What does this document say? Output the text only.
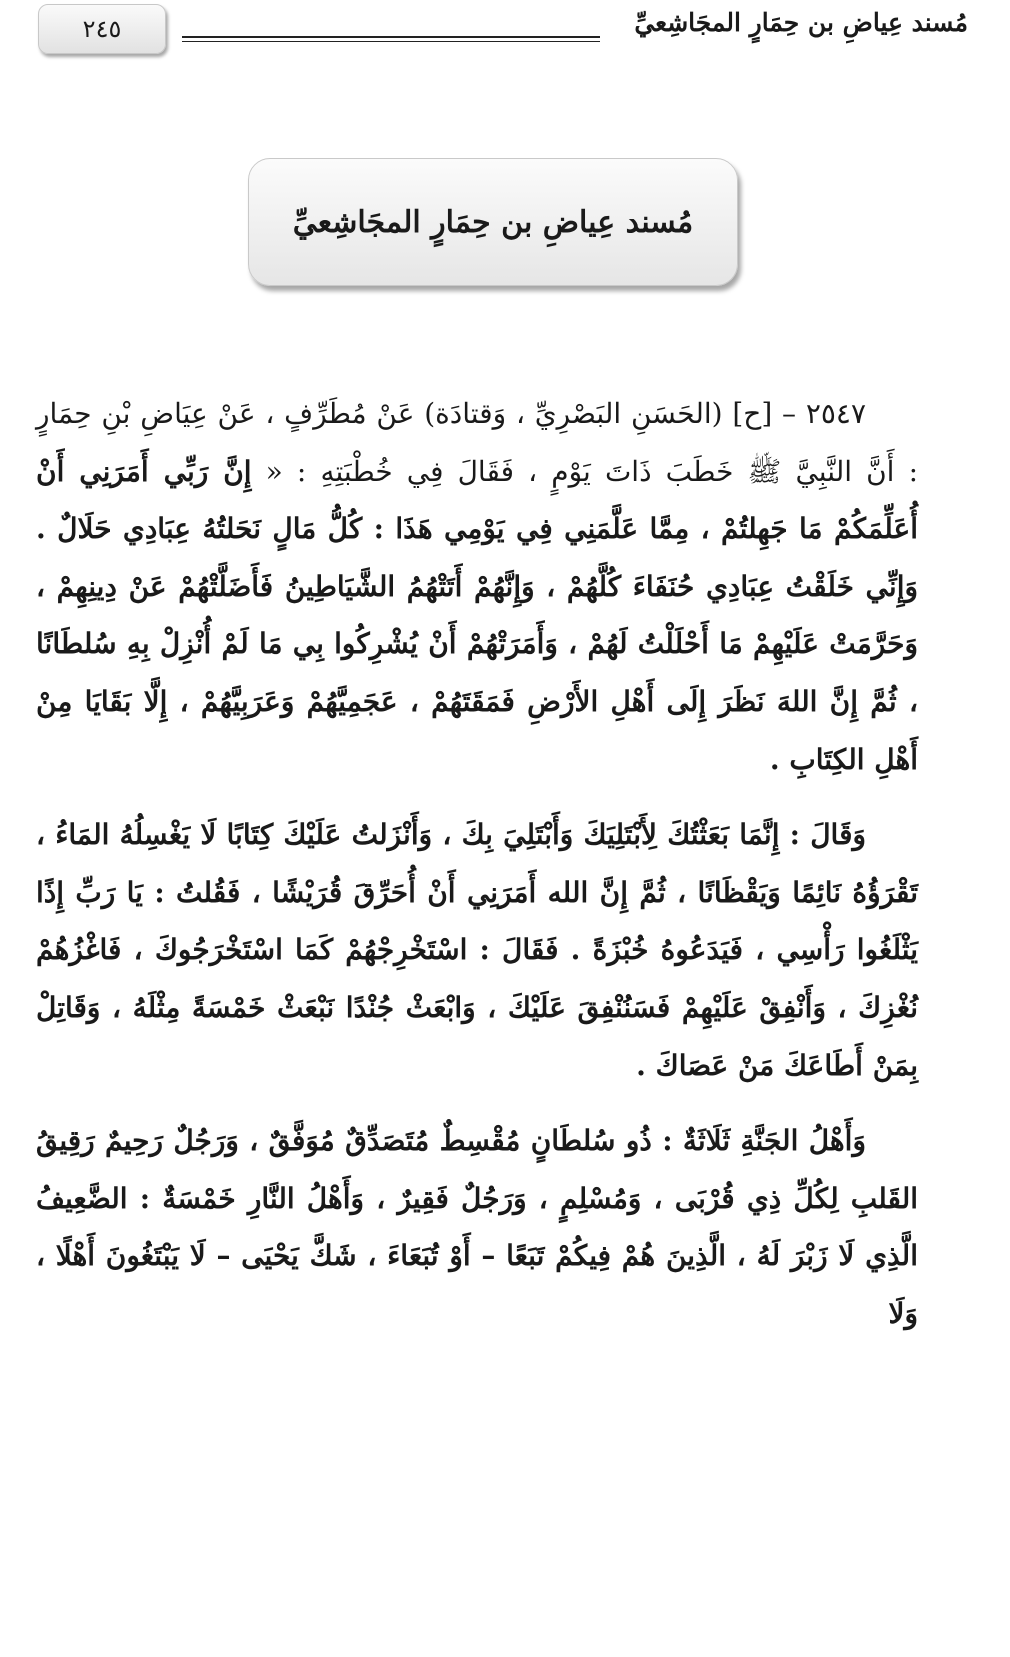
٢٤٥	مُسند عِياضِ بن حِمَارٍ المجَاشِعيِّ
مُسند عِياضِ بن حِمَارٍ المجَاشِعيِّ

٢٥٤٧ – [ح] (الحَسَنِ البَصْرِيِّ ، وَقتادَة) عَنْ مُطَرِّفٍ ، عَنْ عِيَاضِ بْنِ حِمَارٍ : أَنَّ النَّبِيَّ ﷺ خَطَبَ ذَاتَ يَوْمٍ ، فَقَالَ فِي خُطْبَتِهِ : « إِنَّ رَبِّي أَمَرَنِي أَنْ أُعَلِّمَكُمْ مَا جَهِلتُمْ ، مِمَّا عَلَّمَنِي فِي يَوْمِي هَذَا : كُلُّ مَالٍ نَحَلتُهُ عِبَادِي حَلَالٌ . وَإِنِّي خَلَقْتُ عِبَادِي حُنَفَاءَ كُلَّهُمْ ، وَإِنَّهُمْ أَتَتْهُمُ الشَّيَاطِينُ فَأَضَلَّتْهُمْ عَنْ دِينِهِمْ ، وَحَرَّمَتْ عَلَيْهِمْ مَا أَحْلَلْتُ لَهُمْ ، وَأَمَرَتْهُمْ أَنْ يُشْرِكُوا بِي مَا لَمْ أُنْزِلْ بِهِ سُلطَانًا ، ثُمَّ إِنَّ اللهَ نَظَرَ إِلَى أَهْلِ الأَرْضِ فَمَقَتَهُمْ ، عَجَمِيَّهُمْ وَعَرَبِيَّهُمْ ، إِلَّا بَقَايَا مِنْ أَهْلِ الكِتَابِ .

وَقَالَ : إِنَّمَا بَعَثْتُكَ لِأَبْتَلِيَكَ وَأَبْتَلِيَ بِكَ ، وَأَنْزَلتُ عَلَيْكَ كِتَابًا لَا يَغْسِلُهُ المَاءُ ، تَقْرَؤُهُ نَائِمًا وَيَقْظَانًا ، ثُمَّ إِنَّ الله أَمَرَنِي أَنْ أُحَرِّقَ قُرَيْشًا ، فَقُلتُ : يَا رَبِّ إِذًا يَثْلَغُوا رَأْسِي ، فَيَدَعُوهُ خُبْزَةً . فَقَالَ : اسْتَخْرِجْهُمْ كَمَا اسْتَخْرَجُوكَ ، فَاغْزُهُمْ نُغْزِكَ ، وَأَنْفِقْ عَلَيْهِمْ فَسَنُنْفِقَ عَلَيْكَ ، وَابْعَثْ جُنْدًا نَبْعَثْ خَمْسَةً مِثْلَهُ ، وَقَاتِلْ بِمَنْ أَطَاعَكَ مَنْ عَصَاكَ .

وَأَهْلُ الجَنَّةِ ثَلَاثَةٌ : ذُو سُلطَانٍ مُقْسِطٌ مُتَصَدِّقٌ مُوَفَّقٌ ، وَرَجُلٌ رَحِيمٌ رَقِيقُ القَلبِ لِكُلِّ ذِي قُرْبَى ، وَمُسْلِمٍ ، وَرَجُلٌ فَقِيرٌ ، وَأَهْلُ النَّارِ خَمْسَةٌ : الضَّعِيفُ الَّذِي لَا زَبْرَ لَهُ ، الَّذِينَ هُمْ فِيكُمْ تَبَعًا – أَوْ تُبَعَاءَ ، شَكَّ يَحْيَى – لَا يَبْتَغُونَ أَهْلًا ، وَلَا
